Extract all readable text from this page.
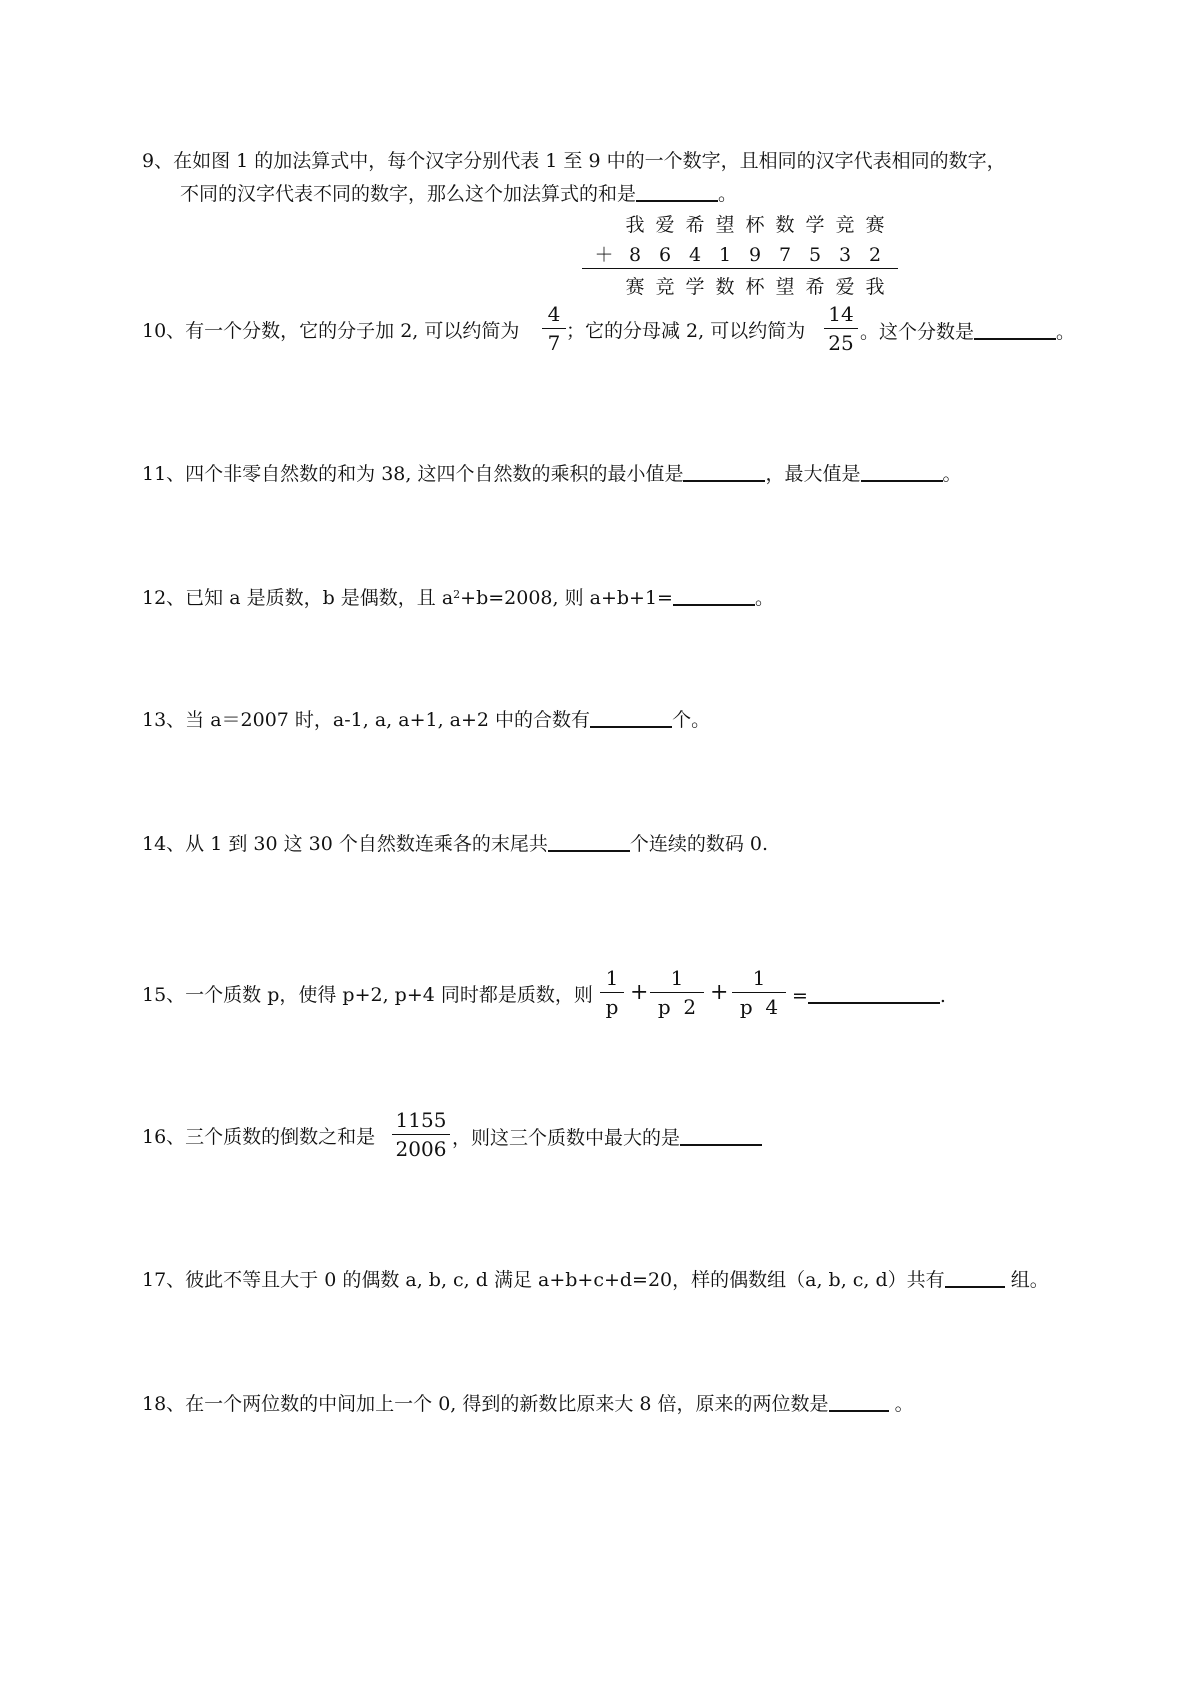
9、在如图 1 的加法算式中，每个汉字分别代表 1 至 9 中的一个数字，且相同的汉字代表相同的数字，
不同的汉字代表不同的数字，那么这个加法算式的和是	。
我 爱 希 望 杯 数 学 竞 赛
＋ 8 6 4 1 9 7 5 3 2
赛 竞 学 数 杯 望 希 爱 我
10、有一个分数，它的分子加 2, 可以约简为
4
7 ；它的分母减 2, 可以约简为
14
25 。这个分数是	。
11、四个非零自然数的和为 38, 这四个自然数的乘积的最小值是	，最大值是	。
12、已知 a 是质数，b 是偶数，且 $a^2+b=2008$, 则 a+b+1=	。
13、当 a＝2007 时，a-1, a, a+1, a+2 中的合数有	个。
14、从 1 到 30 这 30 个自然数连乘各的末尾共	个连续的数码 0.
15、一个质数 p，使得 p+2, p+4 同时都是质数，则
1
p
+
1
p  2
+
1
p  4 =	.
16、三个质数的倒数之和是
1155
2006 ，则这三个质数中最大的是
17、彼此不等且大于 0 的偶数 a, b, c, d 满足 a+b+c+d=20，样的偶数组（a, b, c, d）共有	组。
18、在一个两位数的中间加上一个 0, 得到的新数比原来大 8 倍，原来的两位数是	。
